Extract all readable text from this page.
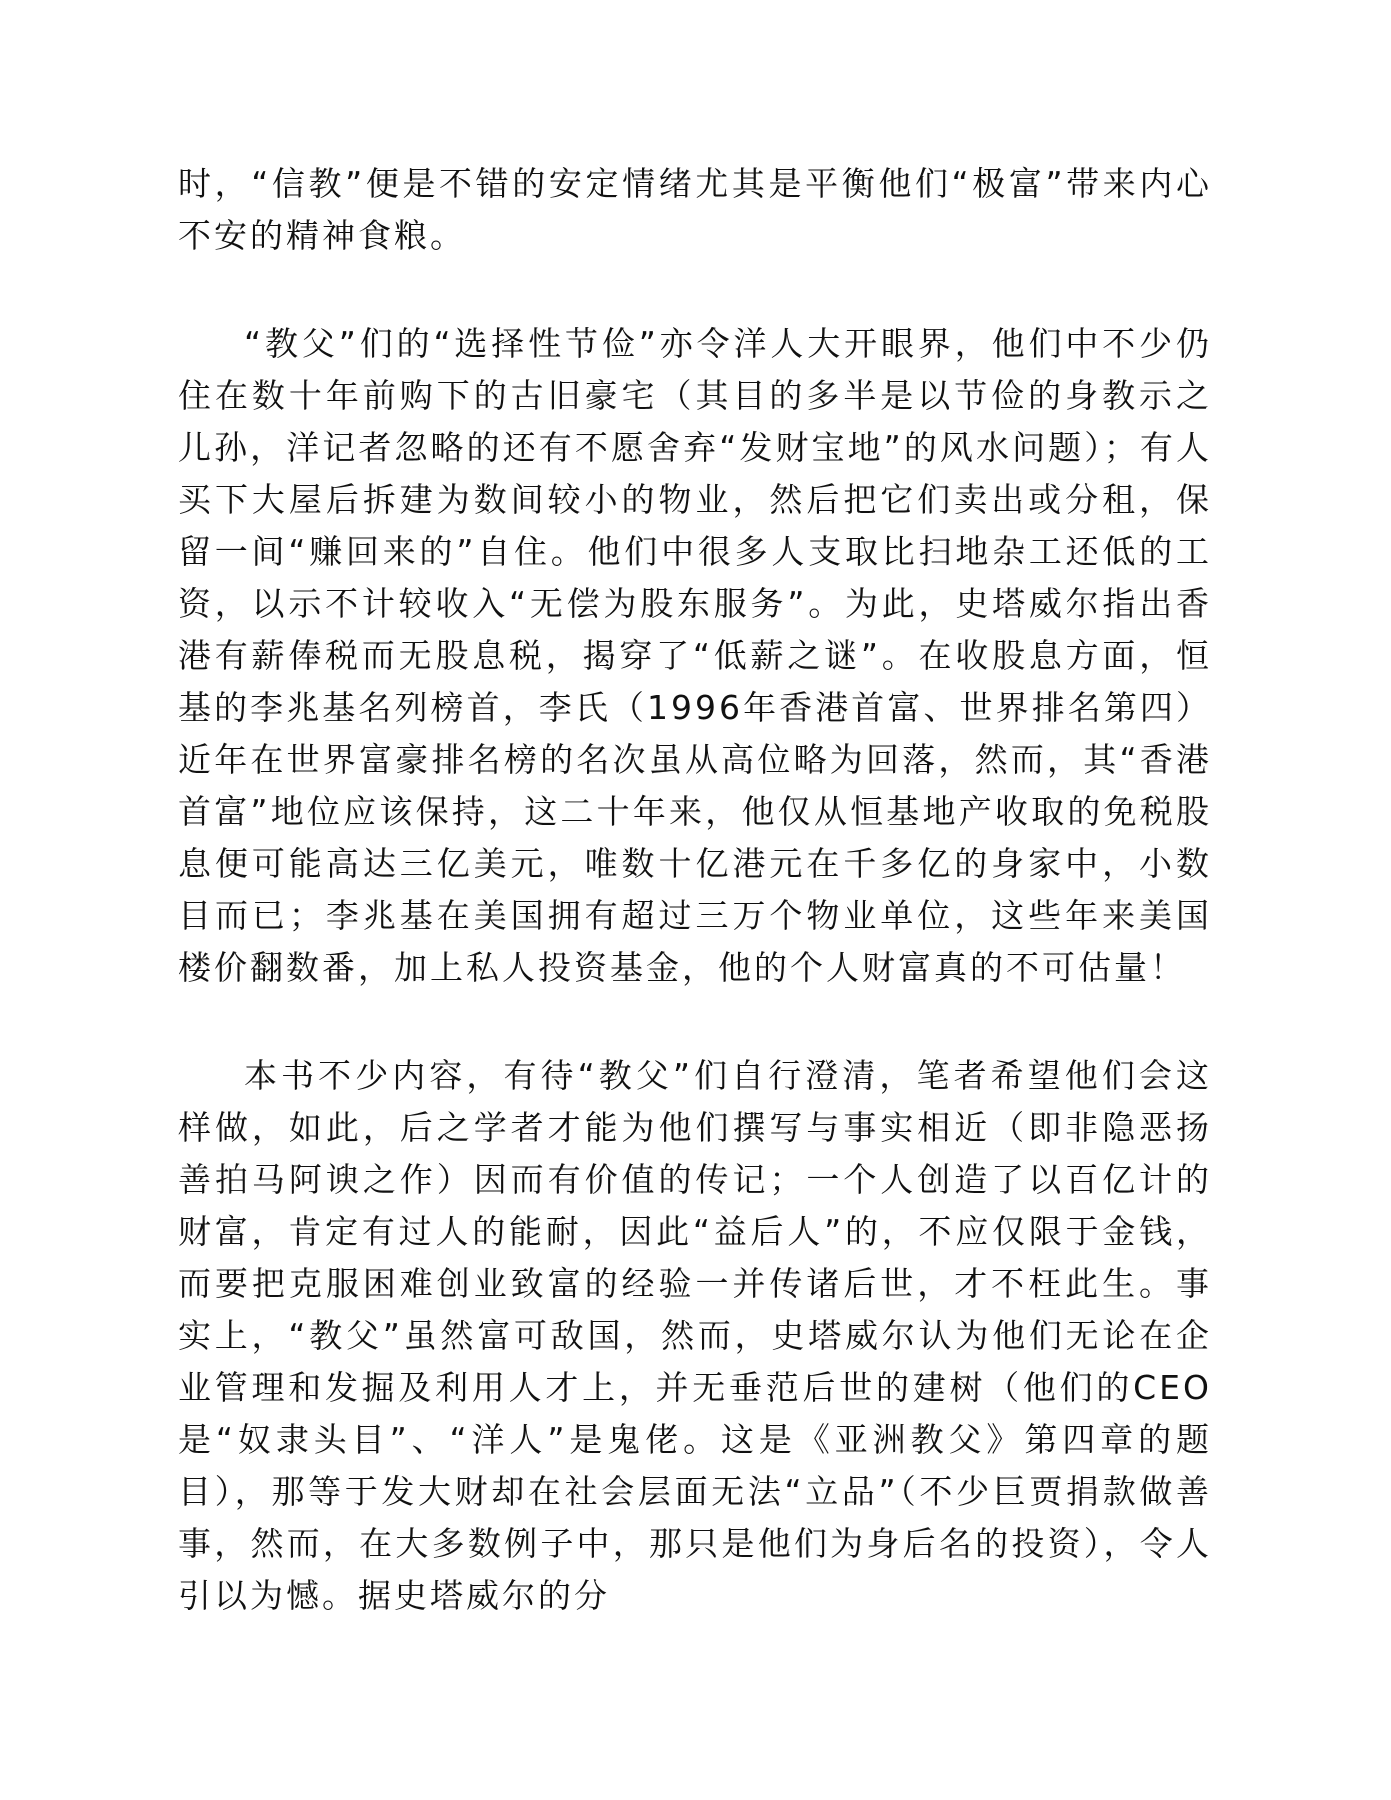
时，“信教”便是不错的安定情绪尤其是平衡他们“极富”带来内心不安的精神食粮。

“教父”们的“选择性节俭”亦令洋人大开眼界，他们中不少仍住在数十年前购下的古旧豪宅（其目的多半是以节俭的身教示之儿孙，洋记者忽略的还有不愿舍弃“发财宝地”的风水问题）；有人买下大屋后拆建为数间较小的物业，然后把它们卖出或分租，保留一间“赚回来的”自住。他们中很多人支取比扫地杂工还低的工资，以示不计较收入“无偿为股东服务”。为此，史塔威尔指出香港有薪俸税而无股息税，揭穿了“低薪之谜”。在收股息方面，恒基的李兆基名列榜首，李氏（1996年香港首富、世界排名第四）近年在世界富豪排名榜的名次虽从高位略为回落，然而，其“香港首富”地位应该保持，这二十年来，他仅从恒基地产收取的免税股息便可能高达三亿美元，唯数十亿港元在千多亿的身家中，小数目而已；李兆基在美国拥有超过三万个物业单位，这些年来美国楼价翻数番，加上私人投资基金，他的个人财富真的不可估量！

本书不少内容，有待“教父”们自行澄清，笔者希望他们会这样做，如此，后之学者才能为他们撰写与事实相近（即非隐恶扬善拍马阿谀之作）因而有价值的传记；一个人创造了以百亿计的财富，肯定有过人的能耐，因此“益后人”的，不应仅限于金钱，而要把克服困难创业致富的经验一并传诸后世，才不枉此生。事实上，“教父”虽然富可敌国，然而，史塔威尔认为他们无论在企业管理和发掘及利用人才上，并无垂范后世的建树（他们的CEO是“奴隶头目”、“洋人”是鬼佬。这是《亚洲教父》第四章的题目），那等于发大财却在社会层面无法“立品”（不少巨贾捐款做善事，然而，在大多数例子中，那只是他们为身后名的投资），令人引以为憾。据史塔威尔的分
